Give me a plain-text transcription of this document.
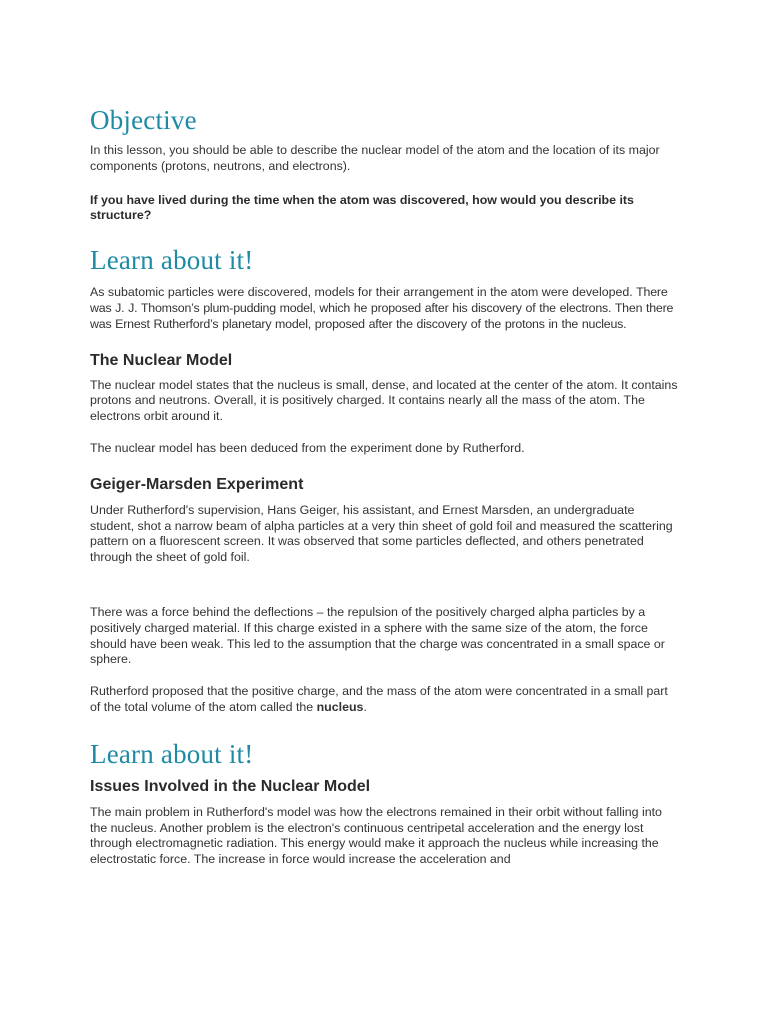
Objective

In this lesson, you should be able to describe the nuclear model of the atom and the location of its major components (protons, neutrons, and electrons).

If you have lived during the time when the atom was discovered, how would you describe its structure?

Learn about it!

As subatomic particles were discovered, models for their arrangement in the atom were developed. There was J. J. Thomson’s plum-pudding model, which he proposed after his discovery of the electrons. Then there was Ernest Rutherford’s planetary model, proposed after the discovery of the protons in the nucleus.

The Nuclear Model

The nuclear model states that the nucleus is small, dense, and located at the center of the atom. It contains protons and neutrons. Overall, it is positively charged. It contains nearly all the mass of the atom. The electrons orbit around it.

The nuclear model has been deduced from the experiment done by Rutherford.

Geiger-Marsden Experiment

Under Rutherford's supervision, Hans Geiger, his assistant, and Ernest Marsden, an undergraduate student, shot a narrow beam of alpha particles at a very thin sheet of gold foil and measured the scattering pattern on a fluorescent screen. It was observed that some particles deflected, and others penetrated through the sheet of gold foil.

There was a force behind the deflections – the repulsion of the positively charged alpha particles by a positively charged material. If this charge existed in a sphere with the same size of the atom, the force should have been weak. This led to the assumption that the charge was concentrated in a small space or sphere.

Rutherford proposed that the positive charge, and the mass of the atom were concentrated in a small part of the total volume of the atom called the nucleus.

Learn about it!
Issues Involved in the Nuclear Model

The main problem in Rutherford's model was how the electrons remained in their orbit without falling into the nucleus. Another problem is the electron's continuous centripetal acceleration and the energy lost through electromagnetic radiation. This energy would make it approach the nucleus while increasing the electrostatic force. The increase in force would increase the acceleration and
